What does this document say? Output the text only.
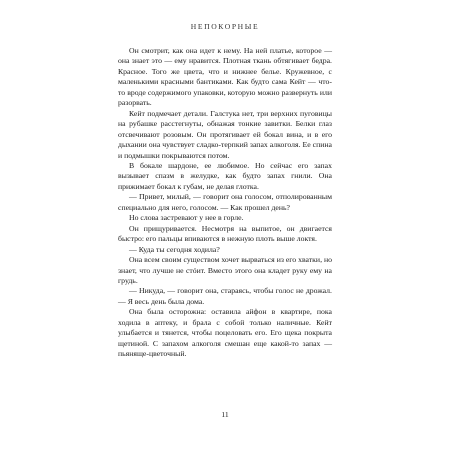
НЕПОКОРНЫЕ

Он смотрит, как она идет к нему. На ней платье, которое — она знает это — ему нравится. Плотная ткань обтягивает бедра. Красное. Того же цвета, что и нижнее белье. Кружевное, с маленькими красными бантиками. Как будто сама Кейт — что-то вроде содержимого упаковки, которую можно развернуть или разорвать.

Кейт подмечает детали. Галстука нет, три верхних пуговицы на рубашке расстегнуты, обнажая тонкие завитки. Белки глаз отсвечивают розовым. Он протягивает ей бокал вина, и в его дыхании она чувствует сладко-терпкий запах алкоголя. Ее спина и подмышки покрываются потом.

В бокале шардоне, ее любимое. Но сейчас его запах вызывает спазм в желудке, как будто запах гнили. Она прижимает бокал к губам, не делая глотка.

— Привет, милый, — говорит она голосом, отполированным специально для него, голосом. — Как прошел день?

Но слова застревают у нее в горле.

Он прищуривается. Несмотря на выпитое, он двигается быстро: его пальцы впиваются в нежную плоть выше локтя.

— Куда ты сегодня ходила?

Она всем своим существом хочет вырваться из его хватки, но знает, что лучше не стóит. Вместо этого она кладет руку ему на грудь.

— Никуда, — говорит она, стараясь, чтобы голос не дрожал. — Я весь день была дома.

Она была осторожна: оставила айфон в квартире, пока ходила в аптеку, и брала с собой только наличные. Кейт улыбается и тянется, чтобы поцеловать его. Его щека покрыта щетиной. С запахом алкоголя смешан еще какой-то запах — пьяняще-цветочный.

11
